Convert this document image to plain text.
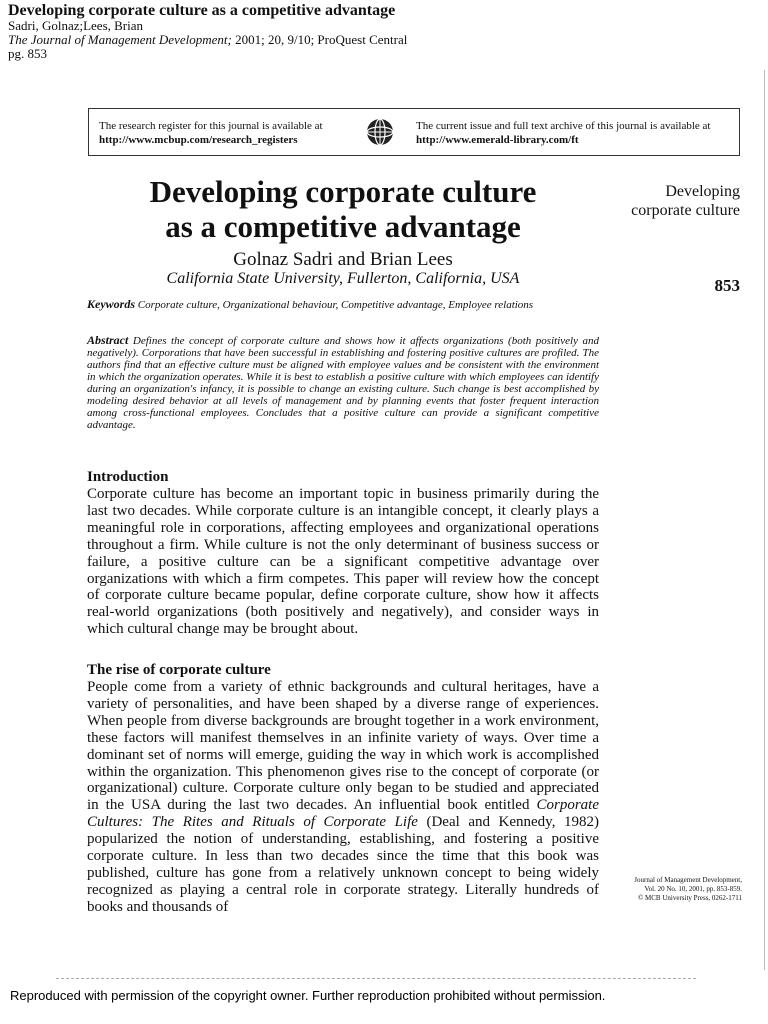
Developing corporate culture as a competitive advantage
Sadri, Golnaz;Lees, Brian
The Journal of Management Development; 2001; 20, 9/10; ProQuest Central
pg. 853
The research register for this journal is available at
http://www.mcbup.com/research_registers
The current issue and full text archive of this journal is available at
http://www.emerald-library.com/ft
Developing corporate culture
as a competitive advantage
Golnaz Sadri and Brian Lees
California State University, Fullerton, California, USA
Developing
corporate culture
853
Keywords Corporate culture, Organizational behaviour, Competitive advantage, Employee relations
Abstract Defines the concept of corporate culture and shows how it affects organizations (both positively and negatively). Corporations that have been successful in establishing and fostering positive cultures are profiled. The authors find that an effective culture must be aligned with employee values and be consistent with the environment in which the organization operates. While it is best to establish a positive culture with which employees can identify during an organization's infancy, it is possible to change an existing culture. Such change is best accomplished by modeling desired behavior at all levels of management and by planning events that foster frequent interaction among cross-functional employees. Concludes that a positive culture can provide a significant competitive advantage.
Introduction

Corporate culture has become an important topic in business primarily during the last two decades. While corporate culture is an intangible concept, it clearly plays a meaningful role in corporations, affecting employees and organizational operations throughout a firm. While culture is not the only determinant of business success or failure, a positive culture can be a significant competitive advantage over organizations with which a firm competes. This paper will review how the concept of corporate culture became popular, define corporate culture, show how it affects real-world organizations (both positively and negatively), and consider ways in which cultural change may be brought about.

The rise of corporate culture

People come from a variety of ethnic backgrounds and cultural heritages, have a variety of personalities, and have been shaped by a diverse range of experiences. When people from diverse backgrounds are brought together in a work environment, these factors will manifest themselves in an infinite variety of ways. Over time a dominant set of norms will emerge, guiding the way in which work is accomplished within the organization. This phenomenon gives rise to the concept of corporate (or organizational) culture. Corporate culture only began to be studied and appreciated in the USA during the last two decades. An influential book entitled Corporate Cultures: The Rites and Rituals of Corporate Life (Deal and Kennedy, 1982) popularized the notion of understanding, establishing, and fostering a positive corporate culture. In less than two decades since the time that this book was published, culture has gone from a relatively unknown concept to being widely recognized as playing a central role in corporate strategy. Literally hundreds of books and thousands of

Journal of Management Development,
Vol. 20 No. 10, 2001, pp. 853-859.
© MCB University Press, 0262-1711
Reproduced with permission of the copyright owner. Further reproduction prohibited without permission.
